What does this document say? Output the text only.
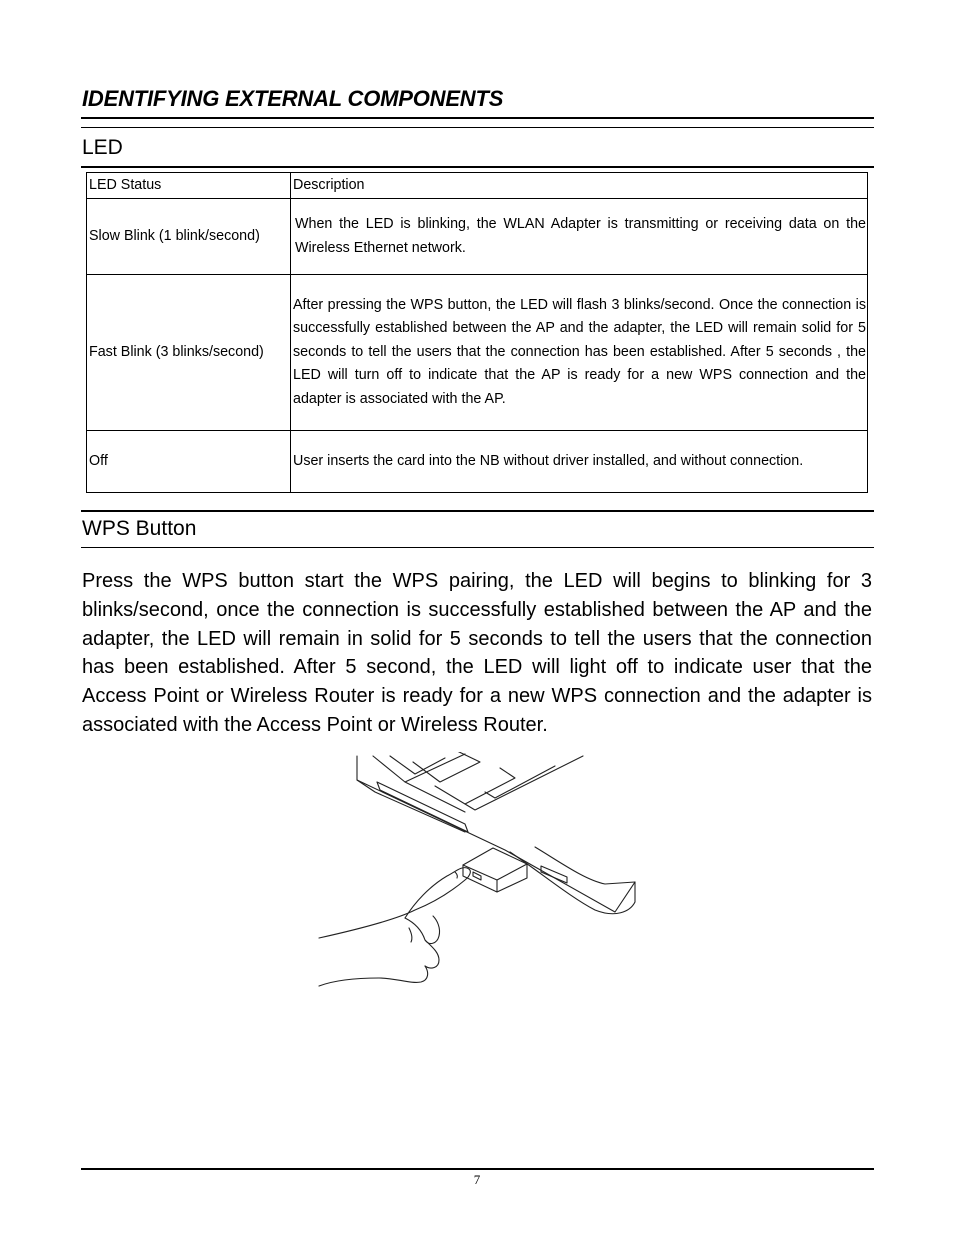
IDENTIFYING EXTERNAL COMPONENTS
LED
LED Status	Description
Slow Blink (1 blink/second)	When the LED is blinking, the WLAN Adapter is transmitting or receiving data on the Wireless Ethernet network.
Fast Blink (3 blinks/second)	After pressing the WPS button, the LED will flash 3 blinks/second. Once the connection is successfully established between the AP and the adapter, the LED will remain solid for 5 seconds to tell the users that the connection has been established. After 5 seconds , the LED will turn off to indicate that the AP is ready for a new WPS connection and the adapter is associated with the AP.
Off	User inserts the card into the NB without driver installed, and without connection.
WPS Button

Press the WPS button start the WPS pairing, the LED will begins to blinking for 3 blinks/second, once the connection is successfully established between the AP and the adapter, the LED will remain in solid for 5 seconds to tell the users that the connection has been established. After 5 second, the LED will light off to indicate user that the Access Point or Wireless Router is ready for a new WPS connection and the adapter is associated with the Access Point or Wireless Router.

7
